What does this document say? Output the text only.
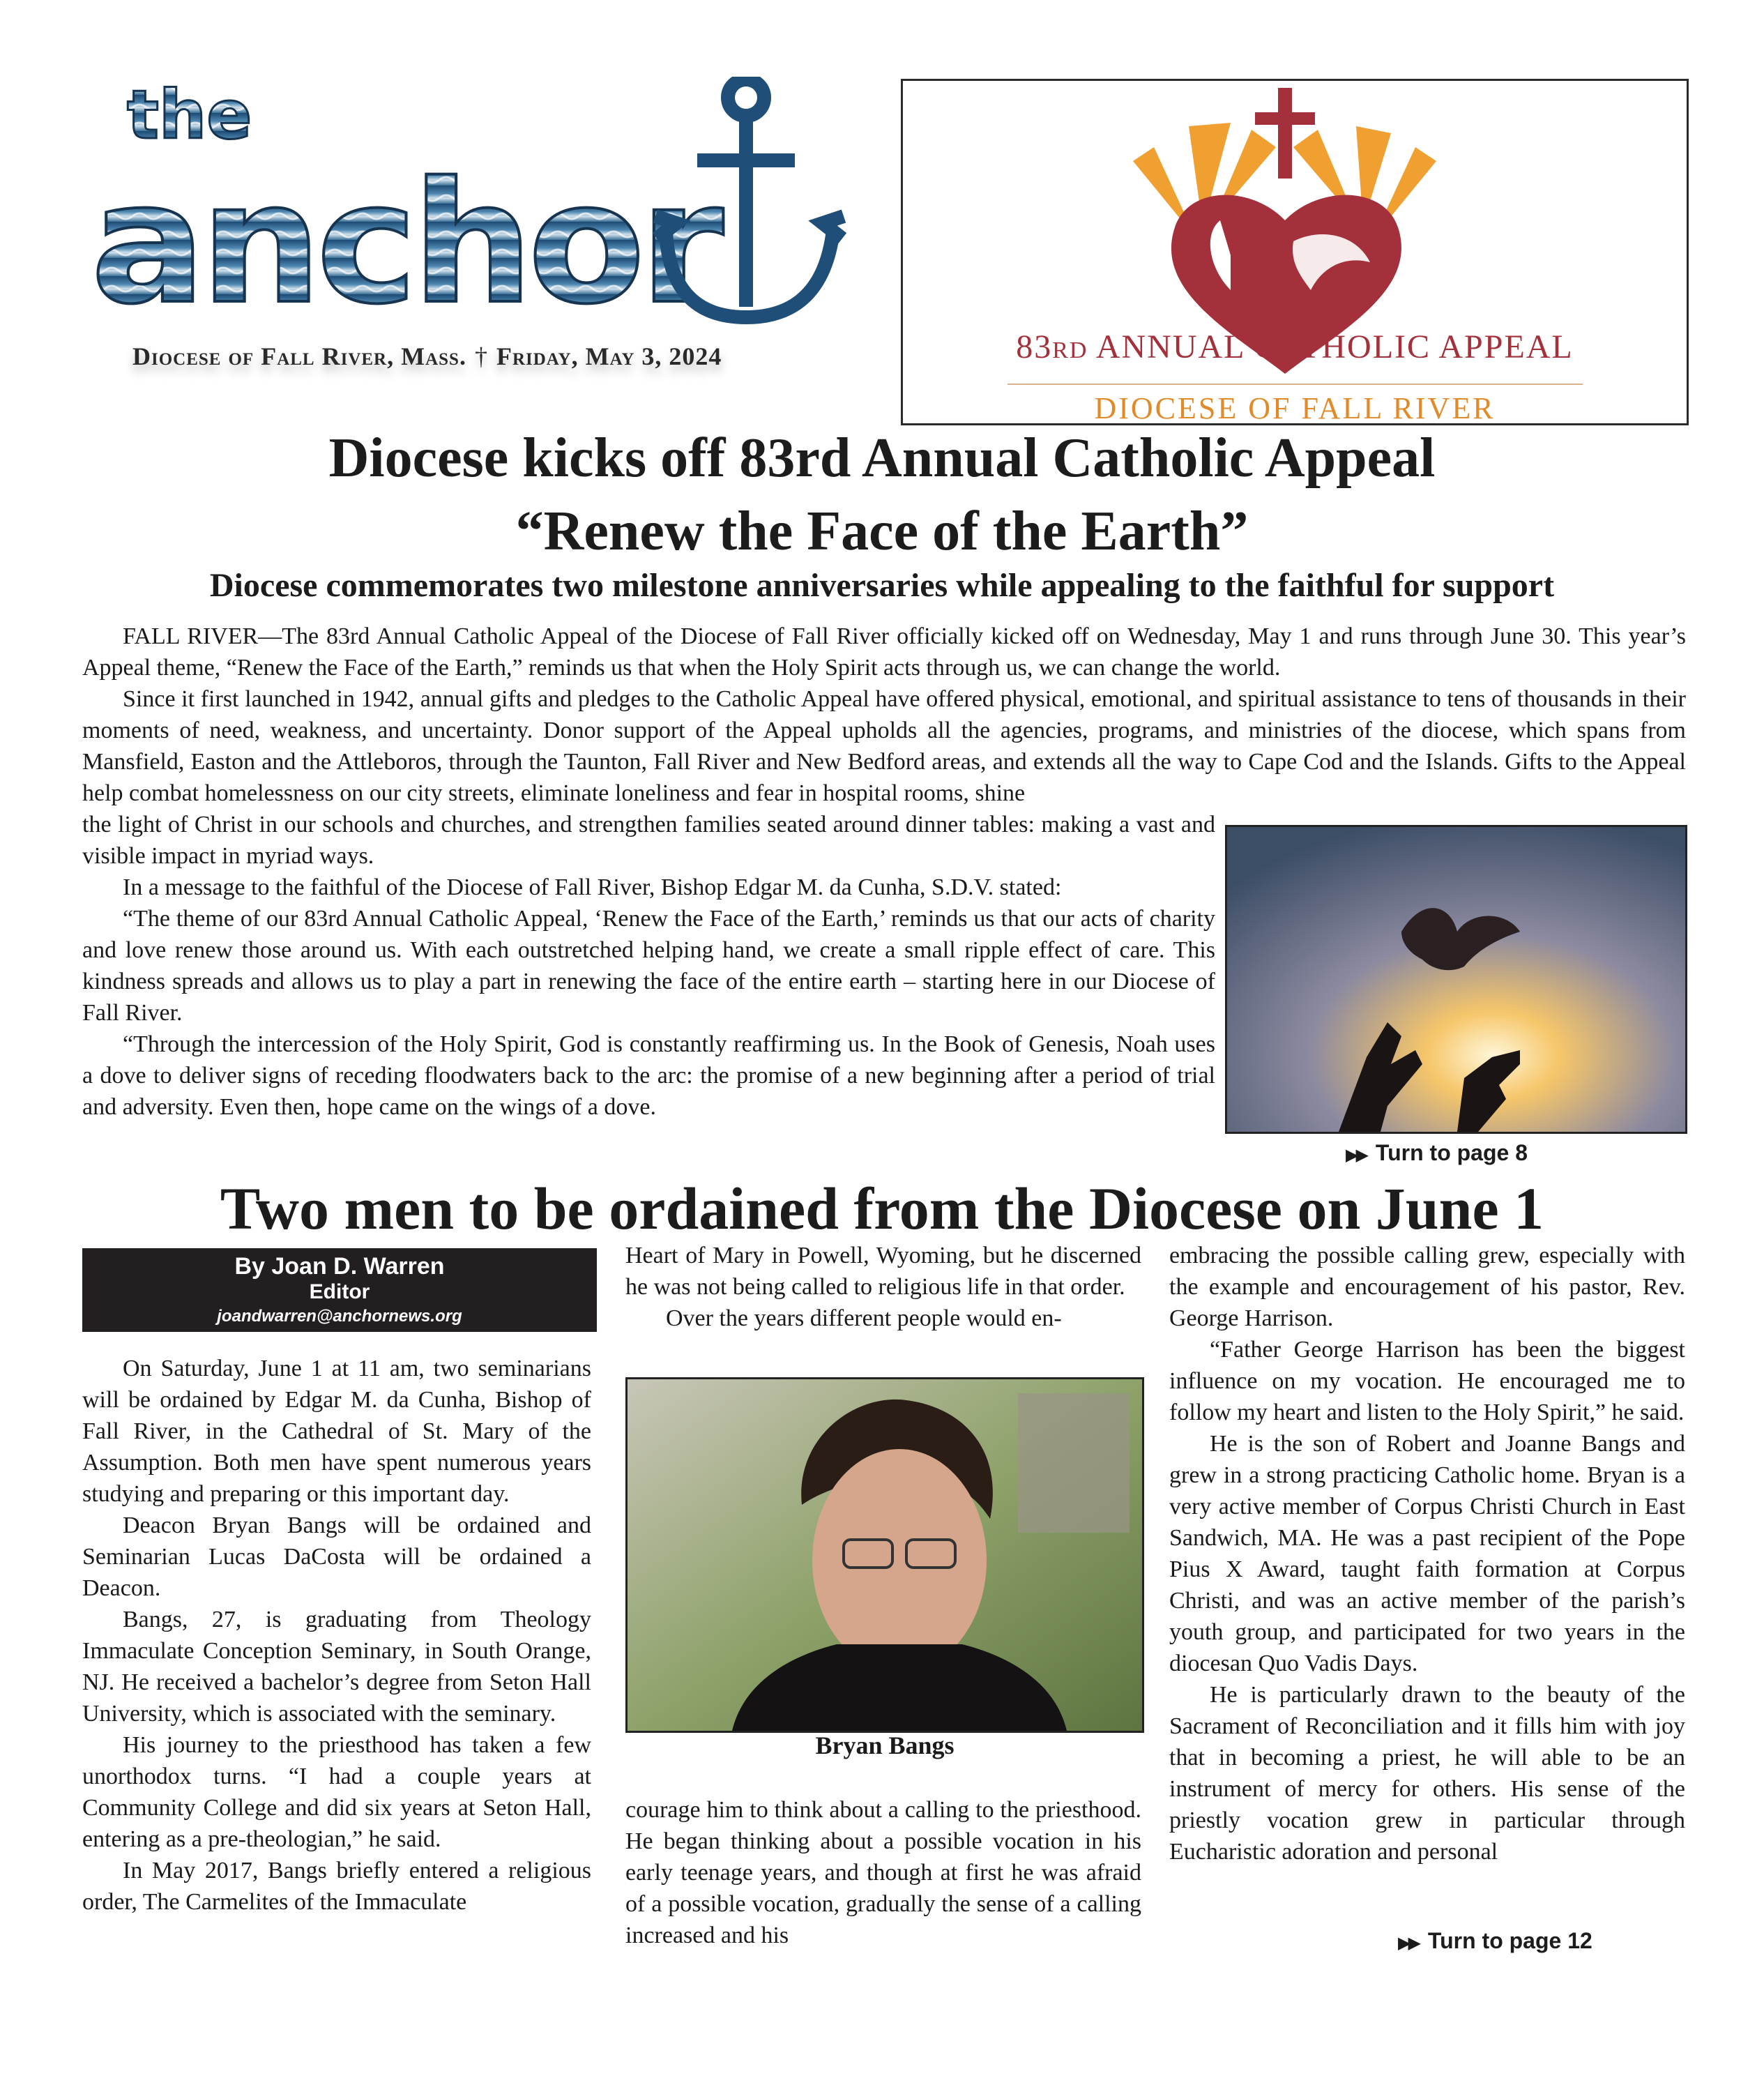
the
anchor
Diocese of Fall River, Mass. † Friday, May 3, 2024	83RD ANNUAL CATHOLIC APPEAL
DIOCESE OF FALL RIVER
Diocese kicks off 83rd Annual Catholic Appeal
“Renew the Face of the Earth”
Diocese commemorates two milestone anniversaries while appealing to the faithful for support

FALL RIVER—The 83rd Annual Catholic Appeal of the Diocese of Fall River officially kicked off on Wednesday, May 1 and runs through June 30. This year’s Appeal theme, “Renew the Face of the Earth,” reminds us that when the Holy Spirit acts through us, we can change the world.

Since it first launched in 1942, annual gifts and pledges to the Catholic Appeal have offered physical, emotional, and spiritual assistance to tens of thousands in their moments of need, weakness, and uncertainty. Donor support of the Appeal upholds all the agencies, programs, and ministries of the diocese, which spans from Mansfield, Easton and the Attleboros, through the Taunton, Fall River and New Bedford areas, and extends all the way to Cape Cod and the Islands. Gifts to the Appeal help combat homelessness on our city streets, eliminate loneliness and fear in hospital rooms, shine

the light of Christ in our schools and churches, and strengthen families seated around dinner tables: making a vast and visible impact in myriad ways.

In a message to the faithful of the Diocese of Fall River, Bishop Edgar M. da Cunha, S.D.V. stated:

“The theme of our 83rd Annual Catholic Appeal, ‘Renew the Face of the Earth,’ reminds us that our acts of charity and love renew those around us. With each outstretched helping hand, we create a small ripple effect of care. This kindness spreads and allows us to play a part in renewing the face of the entire earth – starting here in our Diocese of Fall River.

“Through the intercession of the Holy Spirit, God is constantly reaffirming us. In the Book of Genesis, Noah uses a dove to deliver signs of receding floodwaters back to the arc: the promise of a new beginning after a period of trial and adversity. Even then, hope came on the wings of a dove.

▶▶ Turn to page 8
Two men to be ordained from the Diocese on June 1
By Joan D. Warren
Editor
joandwarren@anchornews.org

On Saturday, June 1 at 11 am, two seminarians will be ordained by Edgar M. da Cunha, Bishop of Fall River, in the Cathedral of St. Mary of the Assumption. Both men have spent numerous years studying and preparing or this important day.

Deacon Bryan Bangs will be ordained and Seminarian Lucas DaCosta will be ordained a Deacon.

Bangs, 27, is graduating from Theology Immaculate Conception Seminary, in South Orange, NJ. He received a bachelor’s degree from Seton Hall University, which is associated with the seminary.

His journey to the priesthood has taken a few unorthodox turns. “I had a couple years at Community College and did six years at Seton Hall, entering as a pre-theologian,” he said.

In May 2017, Bangs briefly entered a religious order, The Carmelites of the Immaculate

Heart of Mary in Powell, Wyoming, but he discerned he was not being called to religious life in that order.

Over the years different people would en-

Bryan Bangs

courage him to think about a calling to the priesthood. He began thinking about a possible vocation in his early teenage years, and though at first he was afraid of a possible vocation, gradually the sense of a calling increased and his

embracing the possible calling grew, especially with the example and encouragement of his pastor, Rev. George Harrison.

“Father George Harrison has been the biggest influence on my vocation. He encouraged me to follow my heart and listen to the Holy Spirit,” he said.

He is the son of Robert and Joanne Bangs and grew in a strong practicing Catholic home. Bryan is a very active member of Corpus Christi Church in East Sandwich, MA. He was a past recipient of the Pope Pius X Award, taught faith formation at Corpus Christi, and was an active member of the parish’s youth group, and participated for two years in the diocesan Quo Vadis Days.

He is particularly drawn to the beauty of the Sacrament of Reconciliation and it fills him with joy that in becoming a priest, he will able to be an instrument of mercy for others. His sense of the priestly vocation grew in particular through Eucharistic adoration and personal

▶▶ Turn to page 12
